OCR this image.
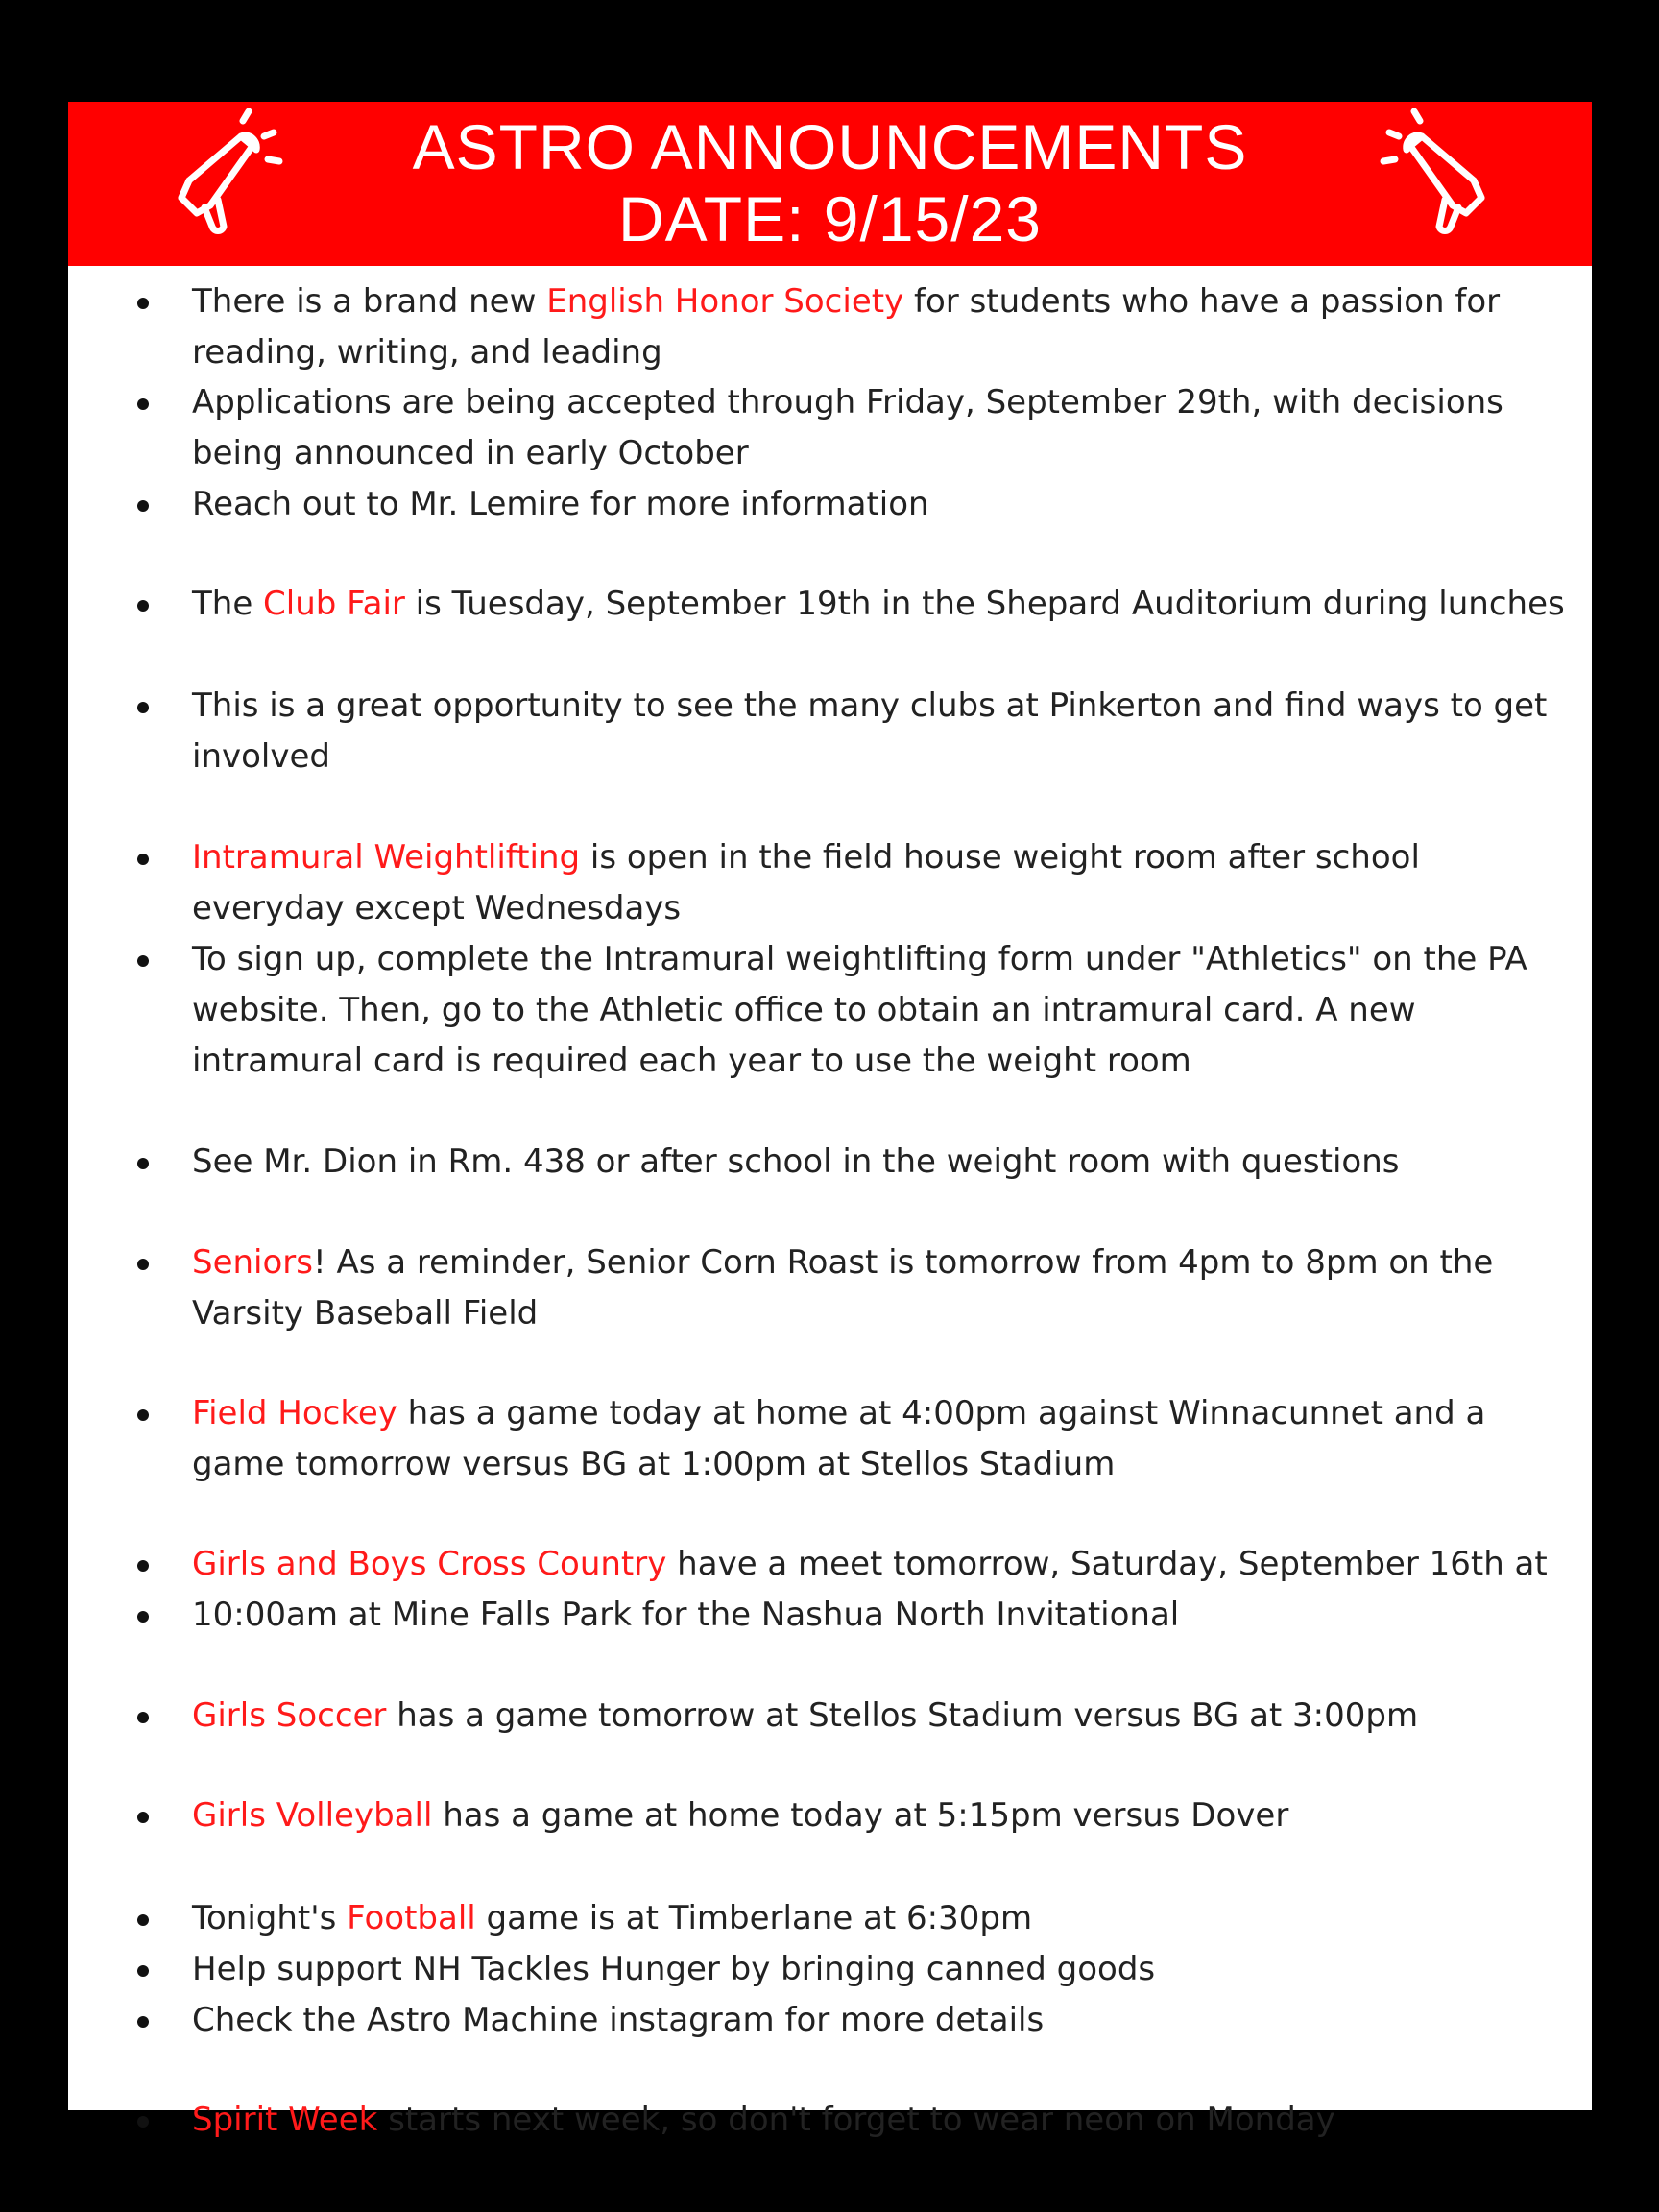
ASTRO ANNOUNCEMENTS
DATE: 9/15/23
There is a brand new English Honor Society for students who have a passion for reading, writing, and leading
Applications are being accepted through Friday, September 29th, with decisions being announced in early October
Reach out to Mr. Lemire for more information
The Club Fair is Tuesday, September 19th in the Shepard Auditorium during lunches
This is a great opportunity to see the many clubs at Pinkerton and find ways to get involved
Intramural Weightlifting is open in the field house weight room after school everyday except Wednesdays
To sign up, complete the Intramural weightlifting form under "Athletics" on the PA website. Then, go to the Athletic office to obtain an intramural card. A new intramural card is required each year to use the weight room
See Mr. Dion in Rm. 438 or after school in the weight room with questions
Seniors! As a reminder, Senior Corn Roast is tomorrow from 4pm to 8pm on the Varsity Baseball Field
Field Hockey has a game today at home at 4:00pm against Winnacunnet and a game tomorrow versus BG at 1:00pm at Stellos Stadium
Girls and Boys Cross Country have a meet tomorrow, Saturday, September 16th at
10:00am at Mine Falls Park for the Nashua North Invitational
Girls Soccer has a game tomorrow at Stellos Stadium versus BG at 3:00pm
Girls Volleyball has a game at home today at 5:15pm versus Dover
Tonight's Football game is at Timberlane at 6:30pm
Help support NH Tackles Hunger by bringing canned goods
Check the Astro Machine instagram for more details
Spirit Week starts next week, so don't forget to wear neon on Monday
